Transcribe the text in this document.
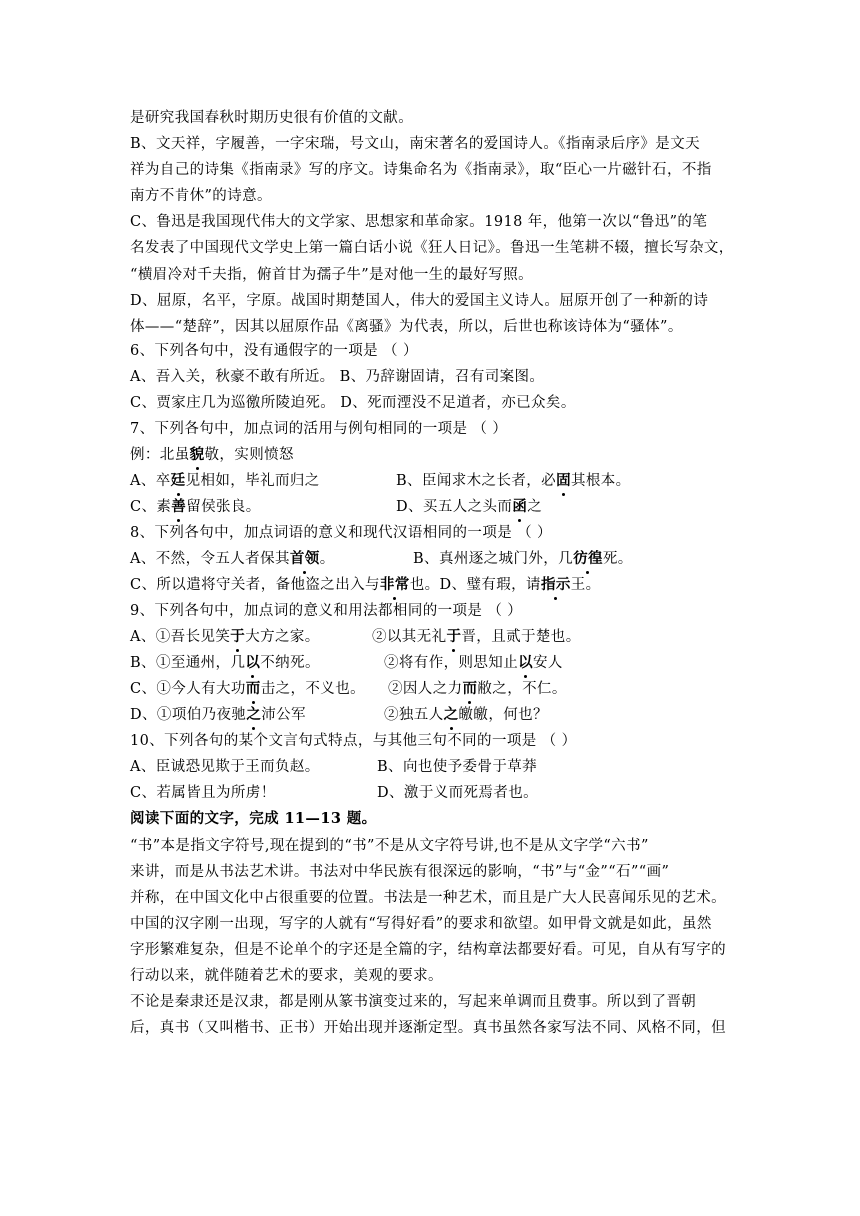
是研究我国春秋时期历史很有价值的文献。
B、文天祥，字履善，一字宋瑞，号文山，南宋著名的爱国诗人。《指南录后序》是文天
祥为自己的诗集《指南录》写的序文。诗集命名为《指南录》，取“臣心一片磁针石，不指
南方不肯休”的诗意。
C、鲁迅是我国现代伟大的文学家、思想家和革命家。1918 年，他第一次以“鲁迅”的笔
名发表了中国现代文学史上第一篇白话小说《狂人日记》。鲁迅一生笔耕不辍，擅长写杂文，
“横眉冷对千夫指，俯首甘为孺子牛”是对他一生的最好写照。
D、屈原，名平，字原。战国时期楚国人，伟大的爱国主义诗人。屈原开创了一种新的诗
体——“楚辞”，因其以屈原作品《离骚》为代表，所以，后世也称该诗体为“骚体”。
6、下列各句中，没有通假字的一项是 （ ）
A、吾入关，秋豪不敢有所近。 B、乃辞谢固请，召有司案图。
C、贾家庄几为巡徼所陵迫死。 D、死而湮没不足道者，亦已众矣。
7、下列各句中，加点词的活用与例句相同的一项是 （ ）
例：北虽貌敬，实则愤怒
A、卒廷见相如，毕礼而归之	B、臣闻求木之长者，必固其根本。
C、素善留侯张良。	D、买五人之头而函之
8、下列各句中，加点词语的意义和现代汉语相同的一项是 （ ）
A、不然，令五人者保其首领。	B、真州逐之城门外，几彷徨死。
C、所以遣将守关者，备他盗之出入与非常也。D、璧有瑕，请指示王。
9、下列各句中，加点词的意义和用法都相同的一项是 （ ）
A、①吾长见笑于大方之家。	②以其无礼于晋，且贰于楚也。
B、①至通州，几以不纳死。	②将有作，则思知止以安人
C、①今人有大功而击之，不义也。 ②因人之力而敝之，不仁。
D、①项伯乃夜驰之沛公军	②独五人之皦皦，何也？
10、下列各句的某个文言句式特点，与其他三句不同的一项是 （ ）
A、臣诚恐见欺于王而负赵。	B、向也使予委骨于草莽
C、若属皆且为所虏！	D、激于义而死焉者也。
阅读下面的文字，完成 11—13 题。
“书”本是指文字符号,现在提到的“书”不是从文字符号讲,也不是从文字学“六书”
来讲，而是从书法艺术讲。书法对中华民族有很深远的影响，“书”与“金”“石”“画”
并称，在中国文化中占很重要的位置。书法是一种艺术，而且是广大人民喜闻乐见的艺术。
中国的汉字刚一出现，写字的人就有“写得好看”的要求和欲望。如甲骨文就是如此，虽然
字形繁难复杂，但是不论单个的字还是全篇的字，结构章法都要好看。可见，自从有写字的
行动以来，就伴随着艺术的要求，美观的要求。
不论是秦隶还是汉隶，都是刚从篆书演变过来的，写起来单调而且费事。所以到了晋朝
后，真书（又叫楷书、正书）开始出现并逐渐定型。真书虽然各家写法不同、风格不同，但
